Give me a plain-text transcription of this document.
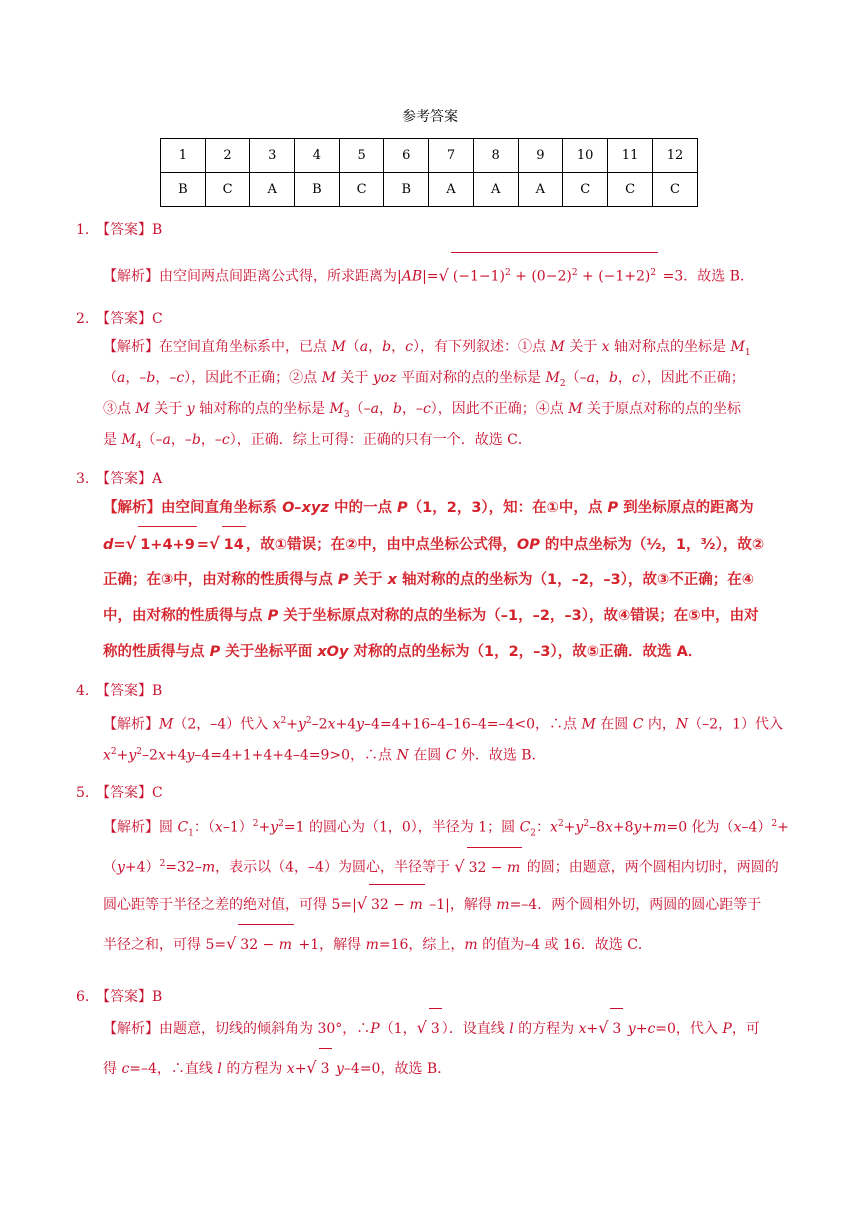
参考答案
1	2	3	4	5	6	7	8	9	10	11	12
B	C	A	B	C	B	A	A	A	C	C	C
1. 【答案】B
【解析】由空间两点间距离公式得，所求距离为|AB|= √ $(-1-1)^2 + (0-2)^2 + (-1+2)^2 =3$．故选 B．
2. 【答案】C
【解析】在空间直角坐标系中，已点 M（a，b，c），有下列叙述：①点 M 关于 x 轴对称点的坐标是 $M_1$
（a，–b，–c），因此不正确；②点 M 关于 yoz 平面对称的点的坐标是 $M_2(-a$，b，c），因此不正确；
③点 M 关于 y 轴对称的点的坐标是 $M_3(-a$，b，–c），因此不正确；④点 M 关于原点对称的点的坐标
是 $M_4(-a$，–b，–c），正确．综上可得：正确的只有一个．故选 C．
3. 【答案】A
【解析】由空间直角坐标系 O–xyz 中的一点 P（1，2，3），知：在①中，点 P 到坐标原点的距离为
d= √ 1+4+9 = √ 14 ，故①错误；在②中，由中点坐标公式得，OP 的中点坐标为（½，1，³⁄₂），故②
正确；在③中，由对称的性质得与点 P 关于 x 轴对称的点的坐标为（1，–2，–3），故③不正确；在④
中，由对称的性质得与点 P 关于坐标原点对称的点的坐标为（–1，–2，–3），故④错误；在⑤中，由对
称的性质得与点 P 关于坐标平面 xOy 对称的点的坐标为（1，2，–3），故⑤正确．故选 A．
4. 【答案】B
【解析】M（2，–4）代入 $x^2+y^2-2x+4y-4=4+16-4-16-4=-4<0$，∴点 M 在圆 C 内，N（–2，1）代入
$x^2+y^2-2x+4y-4=4+1+4+4-4=9>0$，∴点 N 在圆 C 外．故选 B．
5. 【答案】C
【解析】圆 $C_1$：$(x-1)^2+y^2=1$ 的圆心为（1，0），半径为 1；圆 $C_2$：$x^2+y^2-8x+8y+m=0$ 化为$(x-4)^2+$
$(y+4)^2=32-m$，表示以（4，–4）为圆心，半径等于 √ 32 − m 的圆；由题意，两个圆相内切时，两圆的
圆心距等于半径之差的绝对值，可得 5=| √ 32 − m –1|，解得 m=–4．两个圆相外切，两圆的圆心距等于
半径之和，可得 5= √ 32 − m +1，解得 m=16，综上，m 的值为–4 或 16．故选 C．
6. 【答案】B
【解析】由题意，切线的倾斜角为 30°，∴P（1， √ 3 ）．设直线 l 的方程为 x+ √ 3 y+c=0，代入 P，可
得 c=–4，∴直线 l 的方程为 x+ √ 3 y–4=0，故选 B．
